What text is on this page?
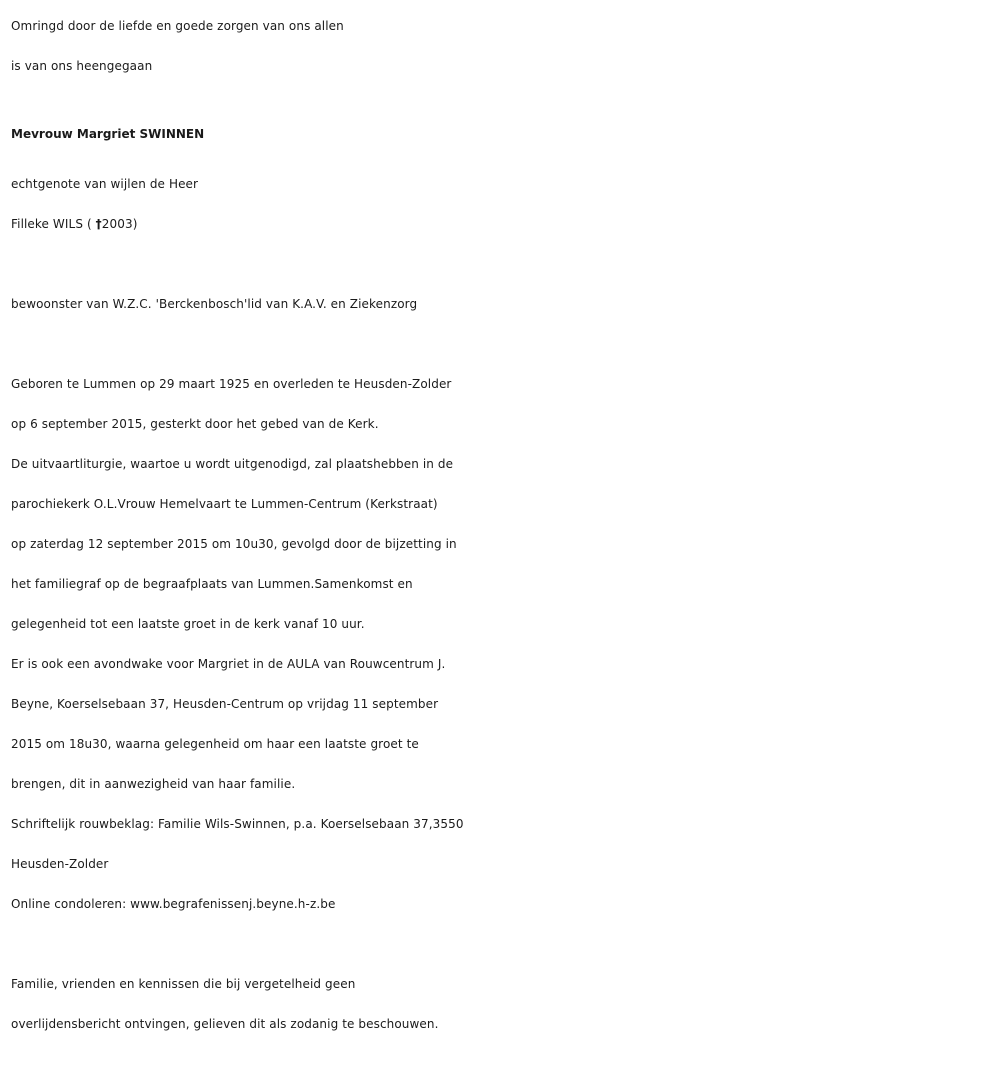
Omringd door de liefde en goede zorgen van ons allen
is van ons heengegaan
Mevrouw Margriet SWINNEN
echtgenote van wijlen de Heer
Filleke WILS ( †2003)
bewoonster van W.Z.C. 'Berckenbosch'lid van K.A.V. en Ziekenzorg
Geboren te Lummen op 29 maart 1925 en overleden te Heusden-Zolder
op 6 september 2015, gesterkt door het gebed van de Kerk.
De uitvaartliturgie, waartoe u wordt uitgenodigd, zal plaatshebben in de
parochiekerk O.L.Vrouw Hemelvaart te Lummen-Centrum (Kerkstraat)
op zaterdag 12 september 2015 om 10u30, gevolgd door de bijzetting in
het familiegraf op de begraafplaats van Lummen.Samenkomst en
gelegenheid tot een laatste groet in de kerk vanaf 10 uur.
Er is ook een avondwake voor Margriet in de AULA van Rouwcentrum J.
Beyne, Koerselsebaan 37, Heusden-Centrum op vrijdag 11 september
2015 om 18u30, waarna gelegenheid om haar een laatste groet te
brengen, dit in aanwezigheid van haar familie.
Schriftelijk rouwbeklag: Familie Wils-Swinnen, p.a. Koerselsebaan 37,3550
Heusden-Zolder
Online condoleren: www.begrafenissenj.beyne.h-z.be
Familie, vrienden en kennissen die bij vergetelheid geen
overlijdensbericht ontvingen, gelieven dit als zodanig te beschouwen.
